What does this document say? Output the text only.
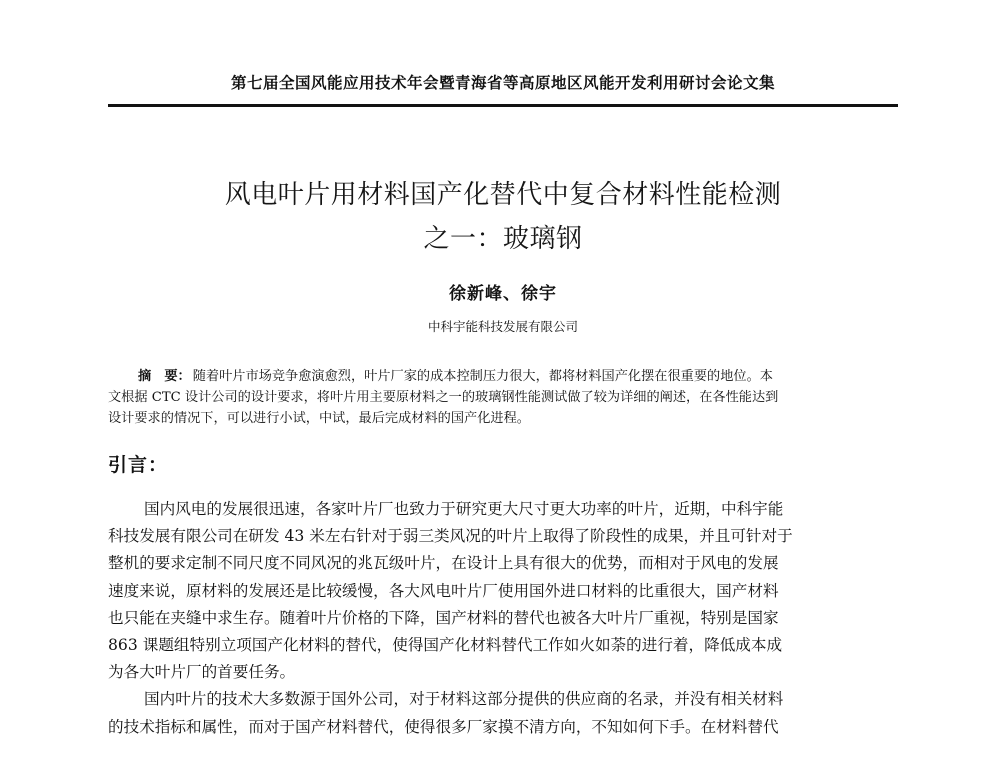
第七届全国风能应用技术年会暨青海省等高原地区风能开发利用研讨会论文集
风电叶片用材料国产化替代中复合材料性能检测
之一：玻璃钢
徐新峰、徐宇
中科宇能科技发展有限公司
摘　要： 随着叶片市场竞争愈演愈烈，叶片厂家的成本控制压力很大，都将材料国产化摆在很重要的地位。本
文根据 CTC 设计公司的设计要求，将叶片用主要原材料之一的玻璃钢性能测试做了较为详细的阐述，在各性能达到
设计要求的情况下，可以进行小试，中试，最后完成材料的国产化进程。
引言：
国内风电的发展很迅速，各家叶片厂也致力于研究更大尺寸更大功率的叶片，近期，中科宇能
科技发展有限公司在研发 43 米左右针对于弱三类风况的叶片上取得了阶段性的成果，并且可针对于
整机的要求定制不同尺度不同风况的兆瓦级叶片，在设计上具有很大的优势，而相对于风电的发展
速度来说，原材料的发展还是比较缓慢，各大风电叶片厂使用国外进口材料的比重很大，国产材料
也只能在夹缝中求生存。随着叶片价格的下降，国产材料的替代也被各大叶片厂重视，特别是国家
863 课题组特别立项国产化材料的替代，使得国产化材料替代工作如火如荼的进行着，降低成本成
为各大叶片厂的首要任务。
国内叶片的技术大多数源于国外公司，对于材料这部分提供的供应商的名录，并没有相关材料
的技术指标和属性，而对于国产材料替代，使得很多厂家摸不清方向，不知如何下手。在材料替代
